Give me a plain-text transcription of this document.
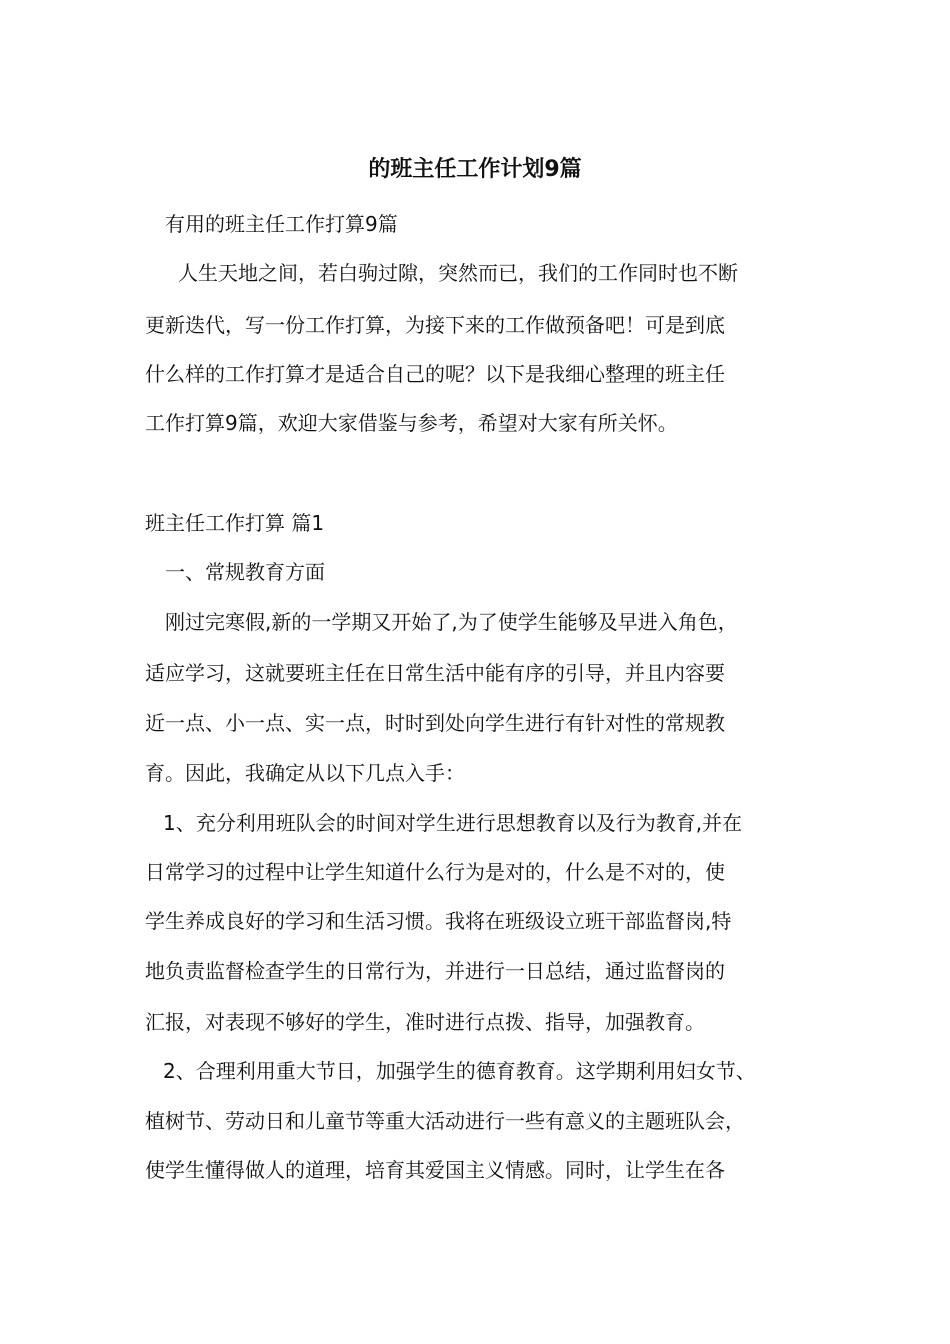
的班主任工作计划9篇

有用的班主任工作打算9篇

人生天地之间，若白驹过隙，突然而已，我们的工作同时也不断

更新迭代，写一份工作打算，为接下来的工作做预备吧！可是到底

什么样的工作打算才是适合自己的呢？以下是我细心整理的班主任

工作打算9篇，欢迎大家借鉴与参考，希望对大家有所关怀。

班主任工作打算 篇1

一、常规教育方面

刚过完寒假,新的一学期又开始了,为了使学生能够及早进入角色，

适应学习，这就要班主任在日常生活中能有序的引导，并且内容要

近一点、小一点、实一点，时时到处向学生进行有针对性的常规教

育。因此，我确定从以下几点入手：

1、充分利用班队会的时间对学生进行思想教育以及行为教育,并在

日常学习的过程中让学生知道什么行为是对的，什么是不对的，使

学生养成良好的学习和生活习惯。我将在班级设立班干部监督岗,特

地负责监督检查学生的日常行为，并进行一日总结，通过监督岗的

汇报，对表现不够好的学生，准时进行点拨、指导，加强教育。

2、合理利用重大节日，加强学生的德育教育。这学期利用妇女节、

植树节、劳动日和儿童节等重大活动进行一些有意义的主题班队会，

使学生懂得做人的道理，培育其爱国主义情感。同时，让学生在各
